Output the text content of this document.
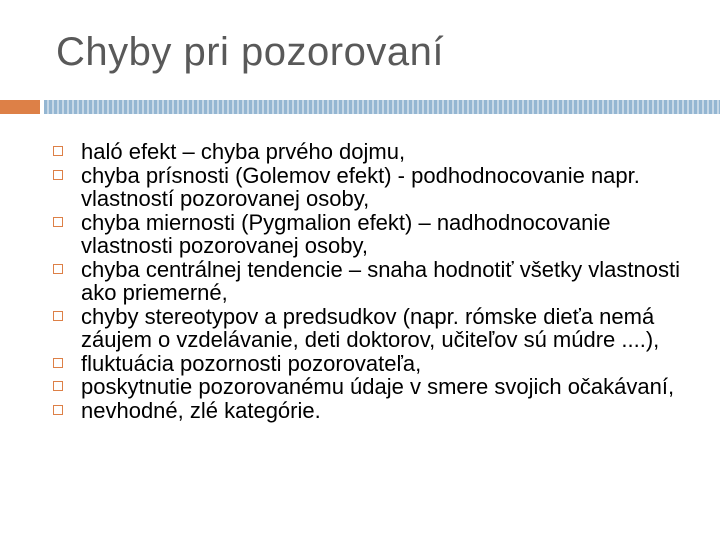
Chyby pri pozorovaní
haló efekt – chyba prvého dojmu,
chyba prísnosti (Golemov efekt) - podhodnocovanie napr. vlastností pozorovanej osoby,
chyba miernosti (Pygmalion efekt) – nadhodnocovanie vlastnosti pozorovanej osoby,
chyba centrálnej tendencie – snaha hodnotiť všetky vlastnosti ako priemerné,
chyby stereotypov a predsudkov (napr. rómske dieťa nemá záujem o vzdelávanie, deti doktorov, učiteľov sú múdre ....),
fluktuácia pozornosti pozorovateľa,
poskytnutie pozorovanému údaje v smere svojich očakávaní,
nevhodné, zlé kategórie.
